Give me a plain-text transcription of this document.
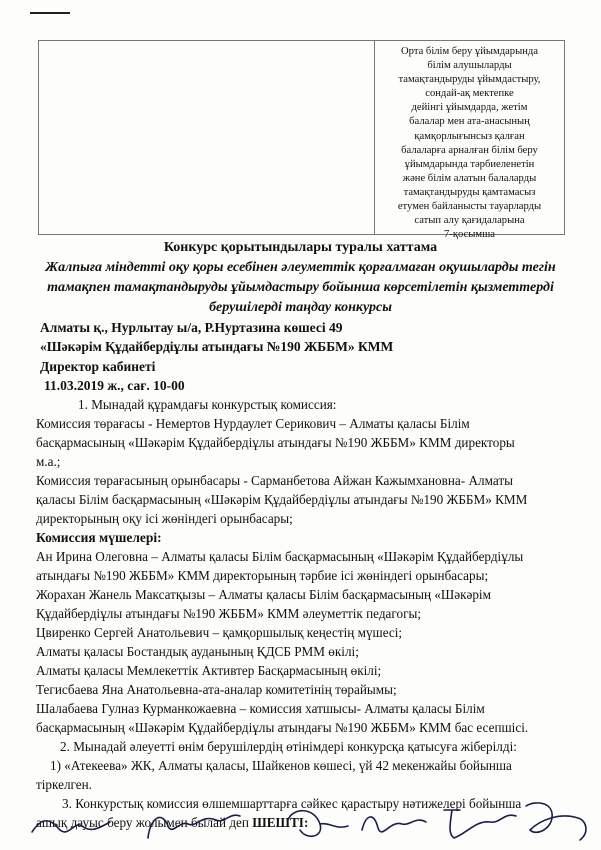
Орта білім беру ұйымдарында
білім алушыларды
тамақтандыруды ұйымдастыру,
сондай-ақ мектепке
дейінгі ұйымдарда, жетім
балалар мен ата-анасының
қамқорлығынсыз қалған
балаларға арналған білім беру
ұйымдарында тәрбиеленетін
және білім алатын балаларды
тамақтандыруды қамтамасыз
етумен байланысты тауарларды
сатып алу қағидаларына
7-қосымша
Конкурс қорытындылары туралы хаттама
Жалпыға міндетті оқу қоры есебінен әлеуметтік қорғалмаған оқушыларды тегін
тамақпен тамақтандыруды ұйымдастыру бойынша көрсетілетін қызметтерді
берушілерді таңдау конкурсы
Алматы қ., Нурлытау ы/а, Р.Нуртазина көшесі 49
«Шәкәрім Құдайбердіұлы атындағы №190 ЖББМ» КММ
Директор кабинеті
11.03.2019 ж., сағ. 10-00
1. Мынадай құрамдағы конкурстық комиссия:
Комиссия төрағасы - Немертов Нурдаулет Серикович – Алматы қаласы Білім
басқармасының «Шәкәрім Құдайбердіұлы атындағы №190 ЖББМ» КММ директоры
м.а.;
Комиссия төрағасының орынбасары - Сарманбетова Айжан Кажымхановна- Алматы
қаласы Білім басқармасының «Шәкәрім Құдайбердіұлы атындағы №190 ЖББМ» КММ
директорының оқу ісі жөніндегі орынбасары;
Комиссия мүшелері:
Ан Ирина Олеговна – Алматы қаласы Білім басқармасының «Шәкәрім Құдайбердіұлы
атындағы №190 ЖББМ» КММ директорының тәрбие ісі жөніндегі орынбасары;
Жорахан Жанель Максатқызы – Алматы қаласы Білім басқармасының «Шәкәрім
Құдайбердіұлы атындағы №190 ЖББМ» КММ әлеуметтік педагогы;
Цвиренко Сергей Анатольевич – қамқоршылық кеңестің мүшесі;
Алматы қаласы Бостандық ауданының ҚДСБ РММ өкілі;
Алматы қаласы Мемлекеттік Активтер Басқармасының өкілі;
Тегисбаева Яна Анатольевна-ата-аналар комитетінің төрайымы;
Шалабаева Гулназ Курманкожаевна – комиссия хатшысы- Алматы қаласы Білім
басқармасының «Шәкәрім Құдайбердіұлы атындағы №190 ЖББМ» КММ бас есепшісі.
2. Мынадай әлеуетті өнім берушілердің өтінімдері конкурсқа қатысуға жіберілді:
1) «Атекеева» ЖК, Алматы қаласы, Шайкенов көшесі, үй 42 мекенжайы бойынша
тіркелген.
3. Конкурстық комиссия өлшемшарттарға сәйкес қарастыру нәтижелері бойынша
ашық дауыс беру жолымен былай деп ШЕШТІ:
